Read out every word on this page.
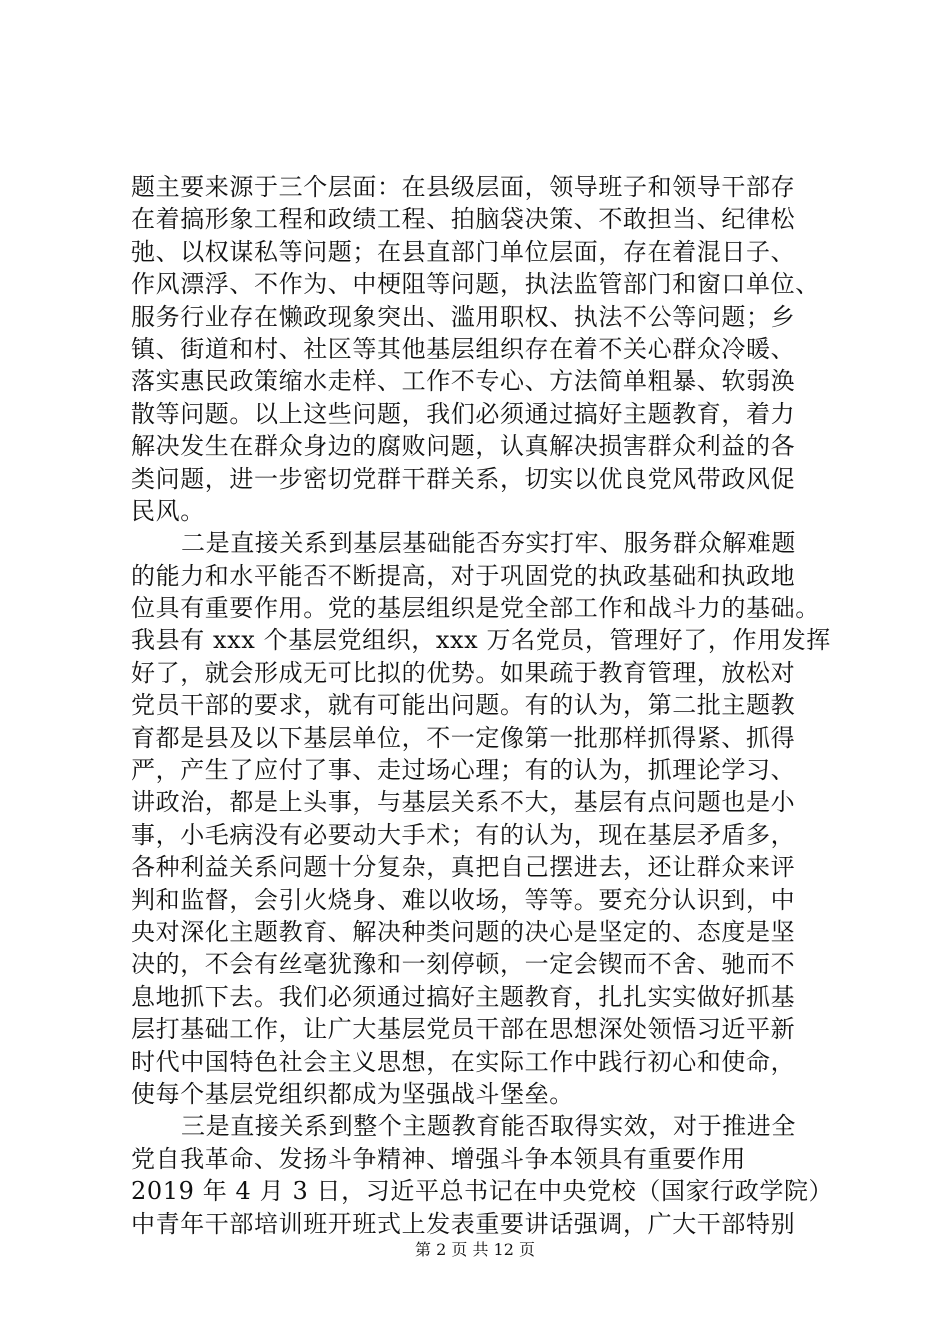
题主要来源于三个层面：在县级层面，领导班子和领导干部存
在着搞形象工程和政绩工程、拍脑袋决策、不敢担当、纪律松
弛、以权谋私等问题；在县直部门单位层面，存在着混日子、
作风漂浮、不作为、中梗阻等问题，执法监管部门和窗口单位、
服务行业存在懒政现象突出、滥用职权、执法不公等问题；乡
镇、街道和村、社区等其他基层组织存在着不关心群众冷暖、
落实惠民政策缩水走样、工作不专心、方法简单粗暴、软弱涣
散等问题。以上这些问题，我们必须通过搞好主题教育，着力
解决发生在群众身边的腐败问题，认真解决损害群众利益的各
类问题，进一步密切党群干群关系，切实以优良党风带政风促
民风。
二是直接关系到基层基础能否夯实打牢、服务群众解难题
的能力和水平能否不断提高，对于巩固党的执政基础和执政地
位具有重要作用。党的基层组织是党全部工作和战斗力的基础。
我县有 xxx 个基层党组织，xxx 万名党员，管理好了，作用发挥
好了，就会形成无可比拟的优势。如果疏于教育管理，放松对
党员干部的要求，就有可能出问题。有的认为，第二批主题教
育都是县及以下基层单位，不一定像第一批那样抓得紧、抓得
严，产生了应付了事、走过场心理；有的认为，抓理论学习、
讲政治，都是上头事，与基层关系不大，基层有点问题也是小
事，小毛病没有必要动大手术；有的认为，现在基层矛盾多，
各种利益关系问题十分复杂，真把自己摆进去，还让群众来评
判和监督，会引火烧身、难以收场，等等。要充分认识到，中
央对深化主题教育、解决种类问题的决心是坚定的、态度是坚
决的，不会有丝毫犹豫和一刻停顿，一定会锲而不舍、驰而不
息地抓下去。我们必须通过搞好主题教育，扎扎实实做好抓基
层打基础工作，让广大基层党员干部在思想深处领悟习近平新
时代中国特色社会主义思想，在实际工作中践行初心和使命，
使每个基层党组织都成为坚强战斗堡垒。
三是直接关系到整个主题教育能否取得实效，对于推进全
党自我革命、发扬斗争精神、增强斗争本领具有重要作用
2019 年 4 月 3 日，习近平总书记在中央党校（国家行政学院）
中青年干部培训班开班式上发表重要讲话强调，广大干部特别
第 2 页 共 12 页
